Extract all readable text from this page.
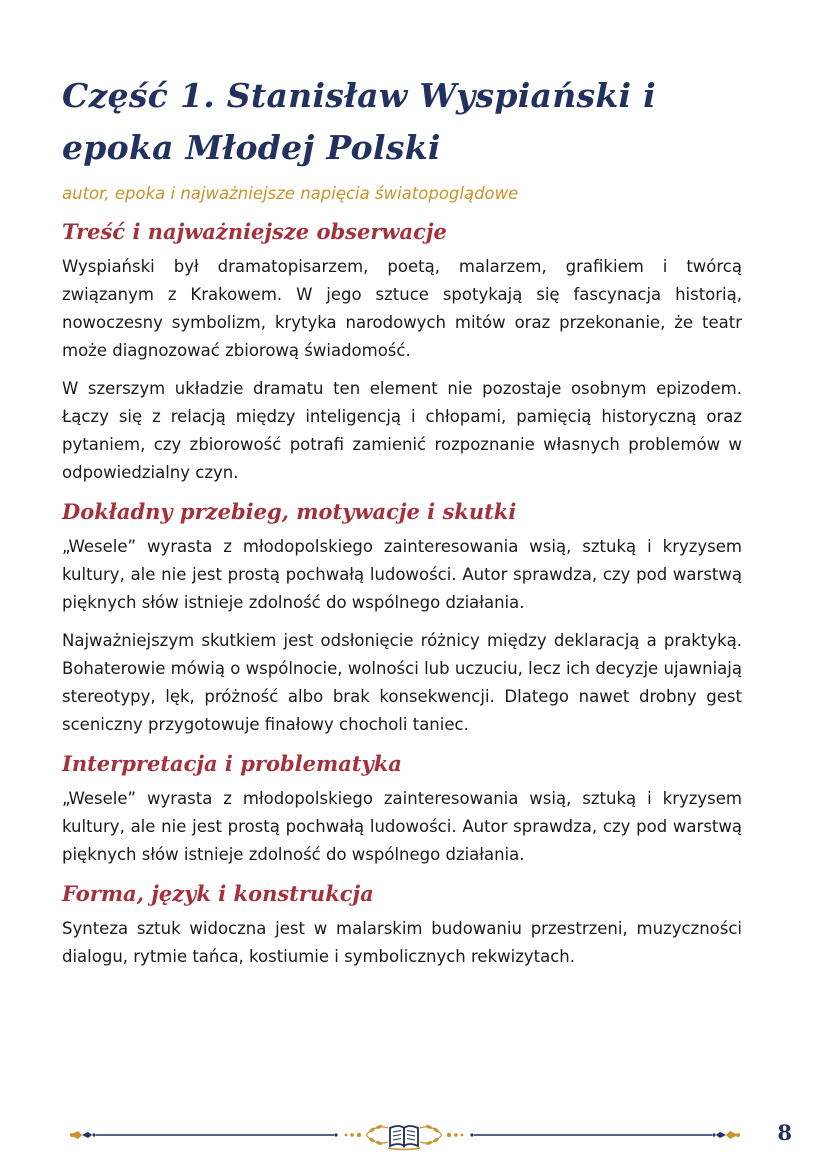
Część 1. Stanisław Wyspiański i epoka Młodej Polski
autor, epoka i najważniejsze napięcia światopoglądowe
Treść i najważniejsze obserwacje

Wyspiański był dramatopisarzem, poetą, malarzem, grafikiem i twórcą związanym z Krakowem. W jego sztuce spotykają się fascynacja historią, nowoczesny symbolizm, krytyka narodowych mitów oraz przekonanie, że teatr może diagnozować zbiorową świadomość.

W szerszym układzie dramatu ten element nie pozostaje osobnym epizodem. Łączy się z relacją między inteligencją i chłopami, pamięcią historyczną oraz pytaniem, czy zbiorowość potrafi zamienić rozpoznanie własnych problemów w odpowiedzialny czyn.

Dokładny przebieg, motywacje i skutki

„Wesele” wyrasta z młodopolskiego zainteresowania wsią, sztuką i kryzysem kultury, ale nie jest prostą pochwałą ludowości. Autor sprawdza, czy pod warstwą pięknych słów istnieje zdolność do wspólnego działania.

Najważniejszym skutkiem jest odsłonięcie różnicy między deklaracją a praktyką. Bohaterowie mówią o wspólnocie, wolności lub uczuciu, lecz ich decyzje ujawniają stereotypy, lęk, próżność albo brak konsekwencji. Dlatego nawet drobny gest sceniczny przygotowuje finałowy chocholi taniec.

Interpretacja i problematyka

„Wesele” wyrasta z młodopolskiego zainteresowania wsią, sztuką i kryzysem kultury, ale nie jest prostą pochwałą ludowości. Autor sprawdza, czy pod warstwą pięknych słów istnieje zdolność do wspólnego działania.

Forma, język i konstrukcja

Synteza sztuk widoczna jest w malarskim budowaniu przestrzeni, muzyczności dialogu, rytmie tańca, kostiumie i symbolicznych rekwizytach.

8
